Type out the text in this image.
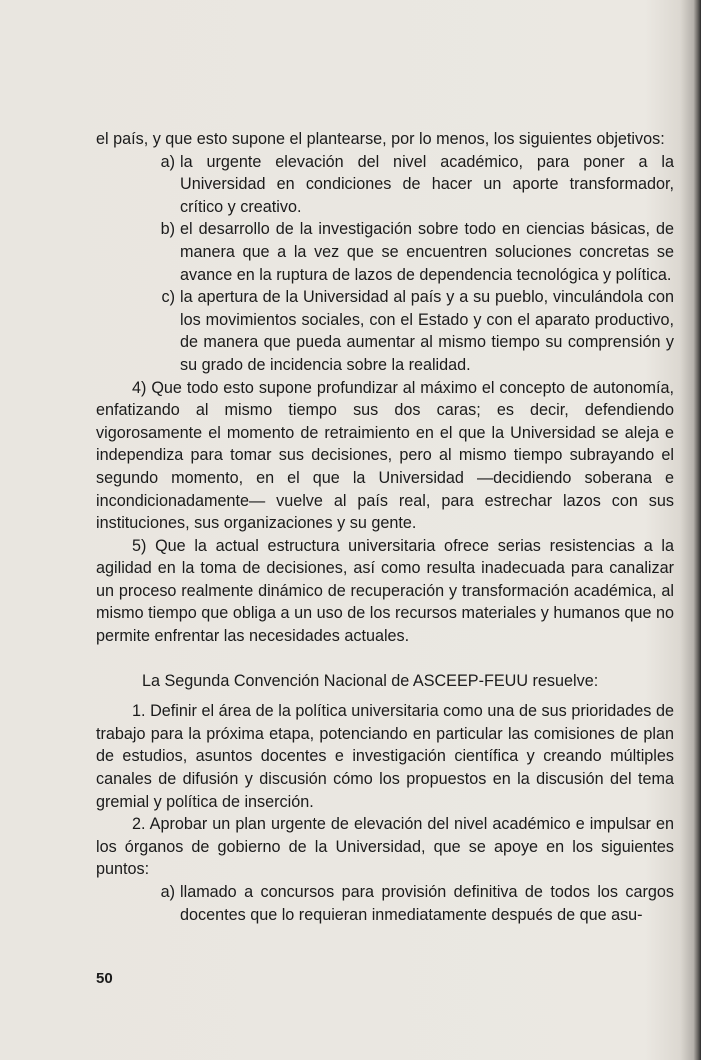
el país, y que esto supone el plantearse, por lo menos, los siguientes objetivos:

a) la urgente elevación del nivel académico, para poner a la Universidad en condiciones de hacer un aporte transformador, crítico y creativo.
b) el desarrollo de la investigación sobre todo en ciencias básicas, de manera que a la vez que se encuentren soluciones concretas se avance en la ruptura de lazos de dependencia tecnológica y política.
c) la apertura de la Universidad al país y a su pueblo, vinculándola con los movimientos sociales, con el Estado y con el aparato productivo, de manera que pueda aumentar al mismo tiempo su comprensión y su grado de incidencia sobre la realidad.

4) Que todo esto supone profundizar al máximo el concepto de autonomía, enfatizando al mismo tiempo sus dos caras; es decir, defendiendo vigorosamente el momento de retraimiento en el que la Universidad se aleja e independiza para tomar sus decisiones, pero al mismo tiempo subrayando el segundo momento, en el que la Universidad —decidiendo soberana e incondicionadamente— vuelve al país real, para estrechar lazos con sus instituciones, sus organizaciones y su gente.

5) Que la actual estructura universitaria ofrece serias resistencias a la agilidad en la toma de decisiones, así como resulta inadecuada para canalizar un proceso realmente dinámico de recuperación y transformación académica, al mismo tiempo que obliga a un uso de los recursos materiales y humanos que no permite enfrentar las necesidades actuales.

La Segunda Convención Nacional de ASCEEP-FEUU resuelve:

1. Definir el área de la política universitaria como una de sus prioridades de trabajo para la próxima etapa, potenciando en particular las comisiones de plan de estudios, asuntos docentes e investigación científica y creando múltiples canales de difusión y discusión cómo los propuestos en la discusión del tema gremial y política de inserción.

2. Aprobar un plan urgente de elevación del nivel académico e impulsar en los órganos de gobierno de la Universidad, que se apoye en los siguientes puntos:

a) llamado a concursos para provisión definitiva de todos los cargos docentes que lo requieran inmediatamente después de que asu-
50
